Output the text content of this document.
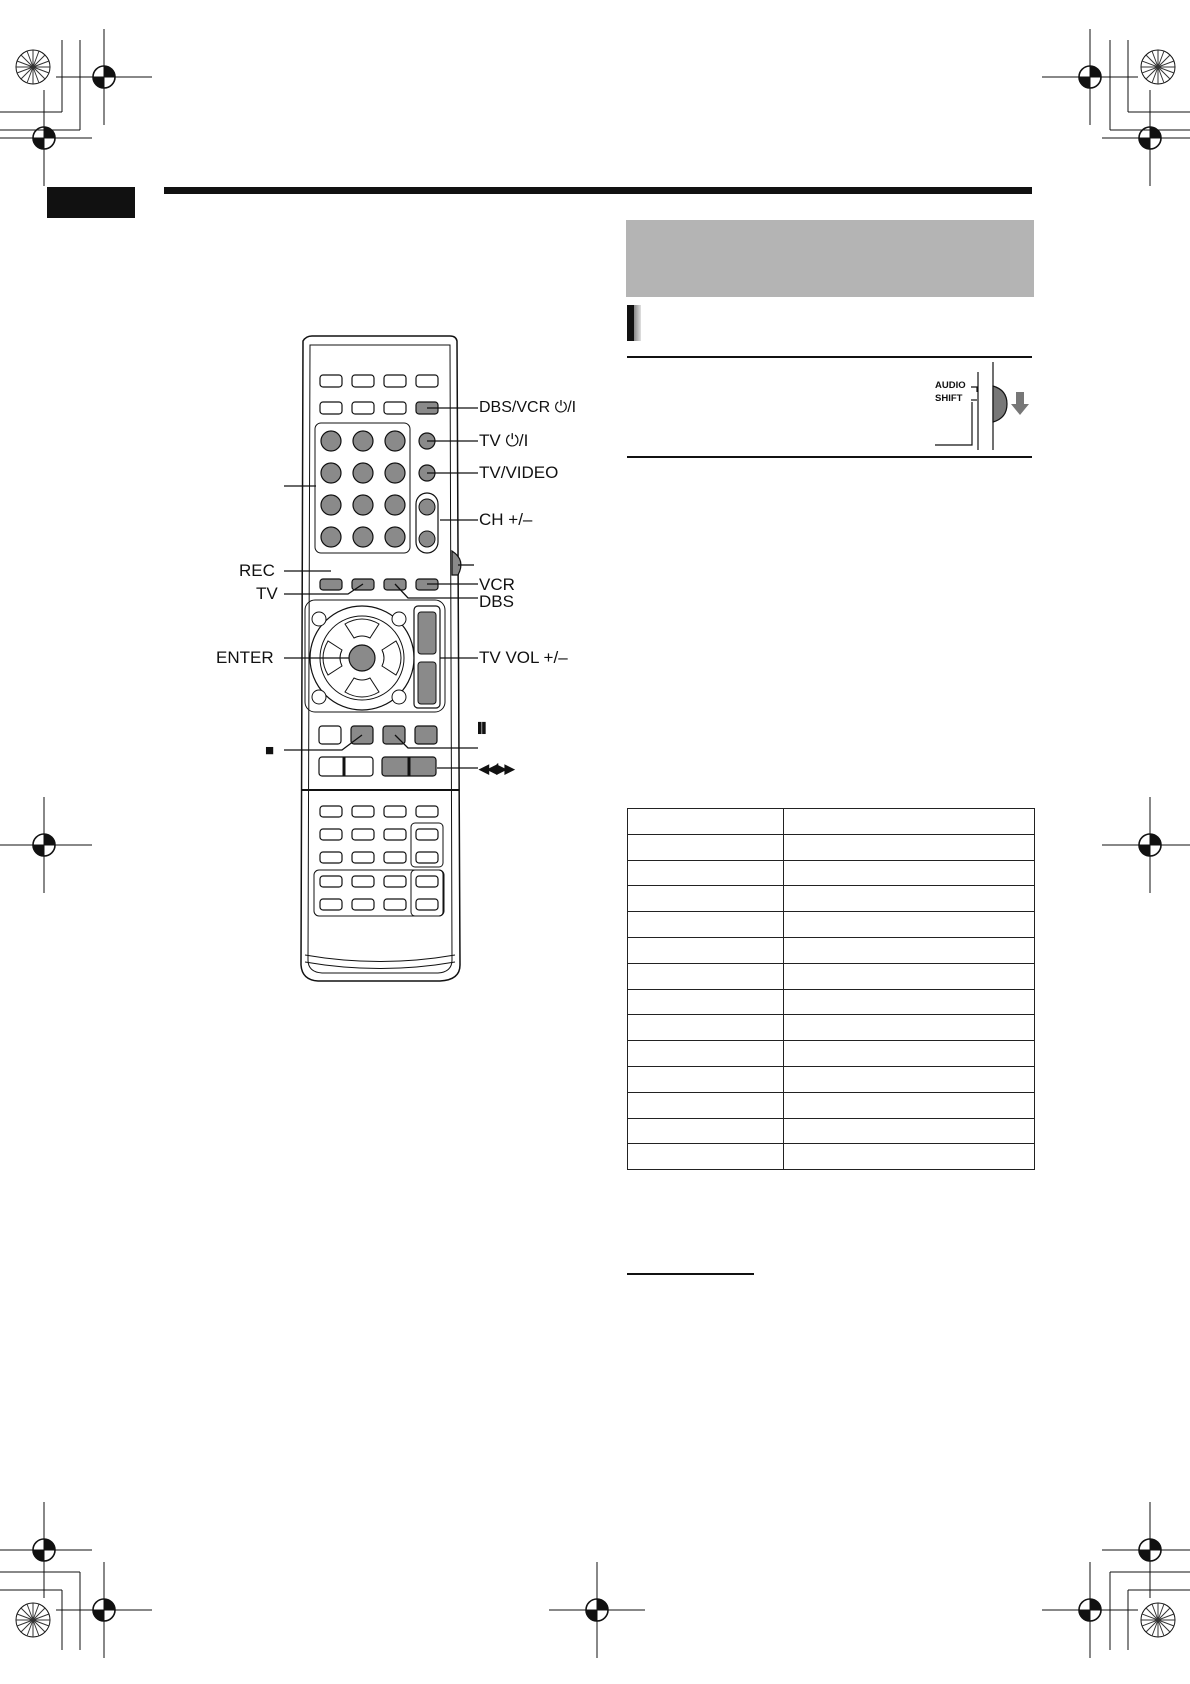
AUDIO
SHIFT

DBS/VCR ⏻/I
TV ⏻/I
TV/VIDEO
CH +/–
VCR
DBS
TV VOL +/–
▌▌
◀◀/▶▶
REC
TV
ENTER
■
